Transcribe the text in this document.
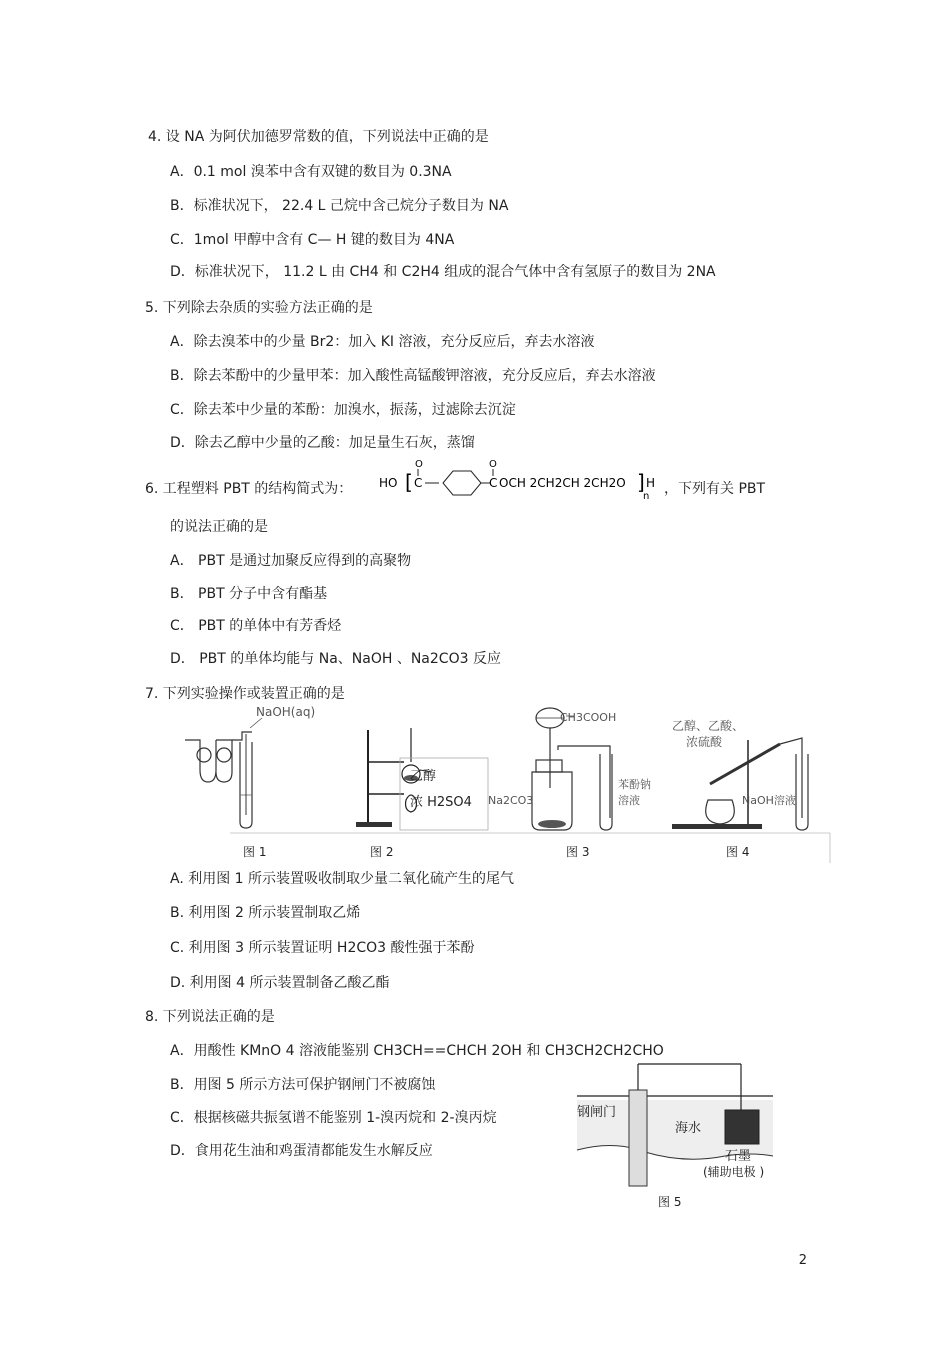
4. 设 NA 为阿伏加德罗常数的值，下列说法中正确的是
A．0.1 mol 溴苯中含有双键的数目为 0.3NA
B．标准状况下， 22.4 L 己烷中含己烷分子数目为 NA
C．1mol 甲醇中含有 C— H 键的数目为 4NA
D．标准状况下， 11.2 L 由 CH4 和 C2H4 组成的混合气体中含有氢原子的数目为 2NA
5. 下列除去杂质的实验方法正确的是
A．除去溴苯中的少量 Br2：加入 KI 溶液，充分反应后，弃去水溶液
B．除去苯酚中的少量甲苯：加入酸性高锰酸钾溶液，充分反应后，弃去水溶液
C．除去苯中少量的苯酚：加溴水，振荡，过滤除去沉淀
D．除去乙醇中少量的乙酸：加足量生石灰，蒸馏
6. 工程塑料 PBT 的结构简式为： HO [
O
C
O
C OCH 2CH2CH 2CH2O ] H
n ，下列有关 PBT
的说法正确的是
A． PBT 是通过加聚反应得到的高聚物
B． PBT 分子中含有酯基
C． PBT 的单体中有芳香烃
D． PBT 的单体均能与 Na、NaOH 、Na2CO3 反应
7. 下列实验操作或装置正确的是
NaOH(aq)
乙醇
浓 H2SO4
CH3COOH
Na2CO3
苯酚钠
溶液
乙醇、乙酸、
浓硫酸
NaOH溶液
图 1	图 2	图 3	图 4
A. 利用图 1 所示装置吸收制取少量二氧化硫产生的尾气
B. 利用图 2 所示装置制取乙烯
C. 利用图 3 所示装置证明 H2CO3 酸性强于苯酚
D. 利用图 4 所示装置制备乙酸乙酯
8. 下列说法正确的是
A．用酸性 KMnO 4 溶液能鉴别 CH3CH==CHCH 2OH 和 CH3CH2CH2CHO
B．用图 5 所示方法可保护钢闸门不被腐蚀
C．根据核磁共振氢谱不能鉴别 1-溴丙烷和 2-溴丙烷
D．食用花生油和鸡蛋清都能发生水解反应
钢闸门
海水
石墨
(辅助电极 )
图 5
2
